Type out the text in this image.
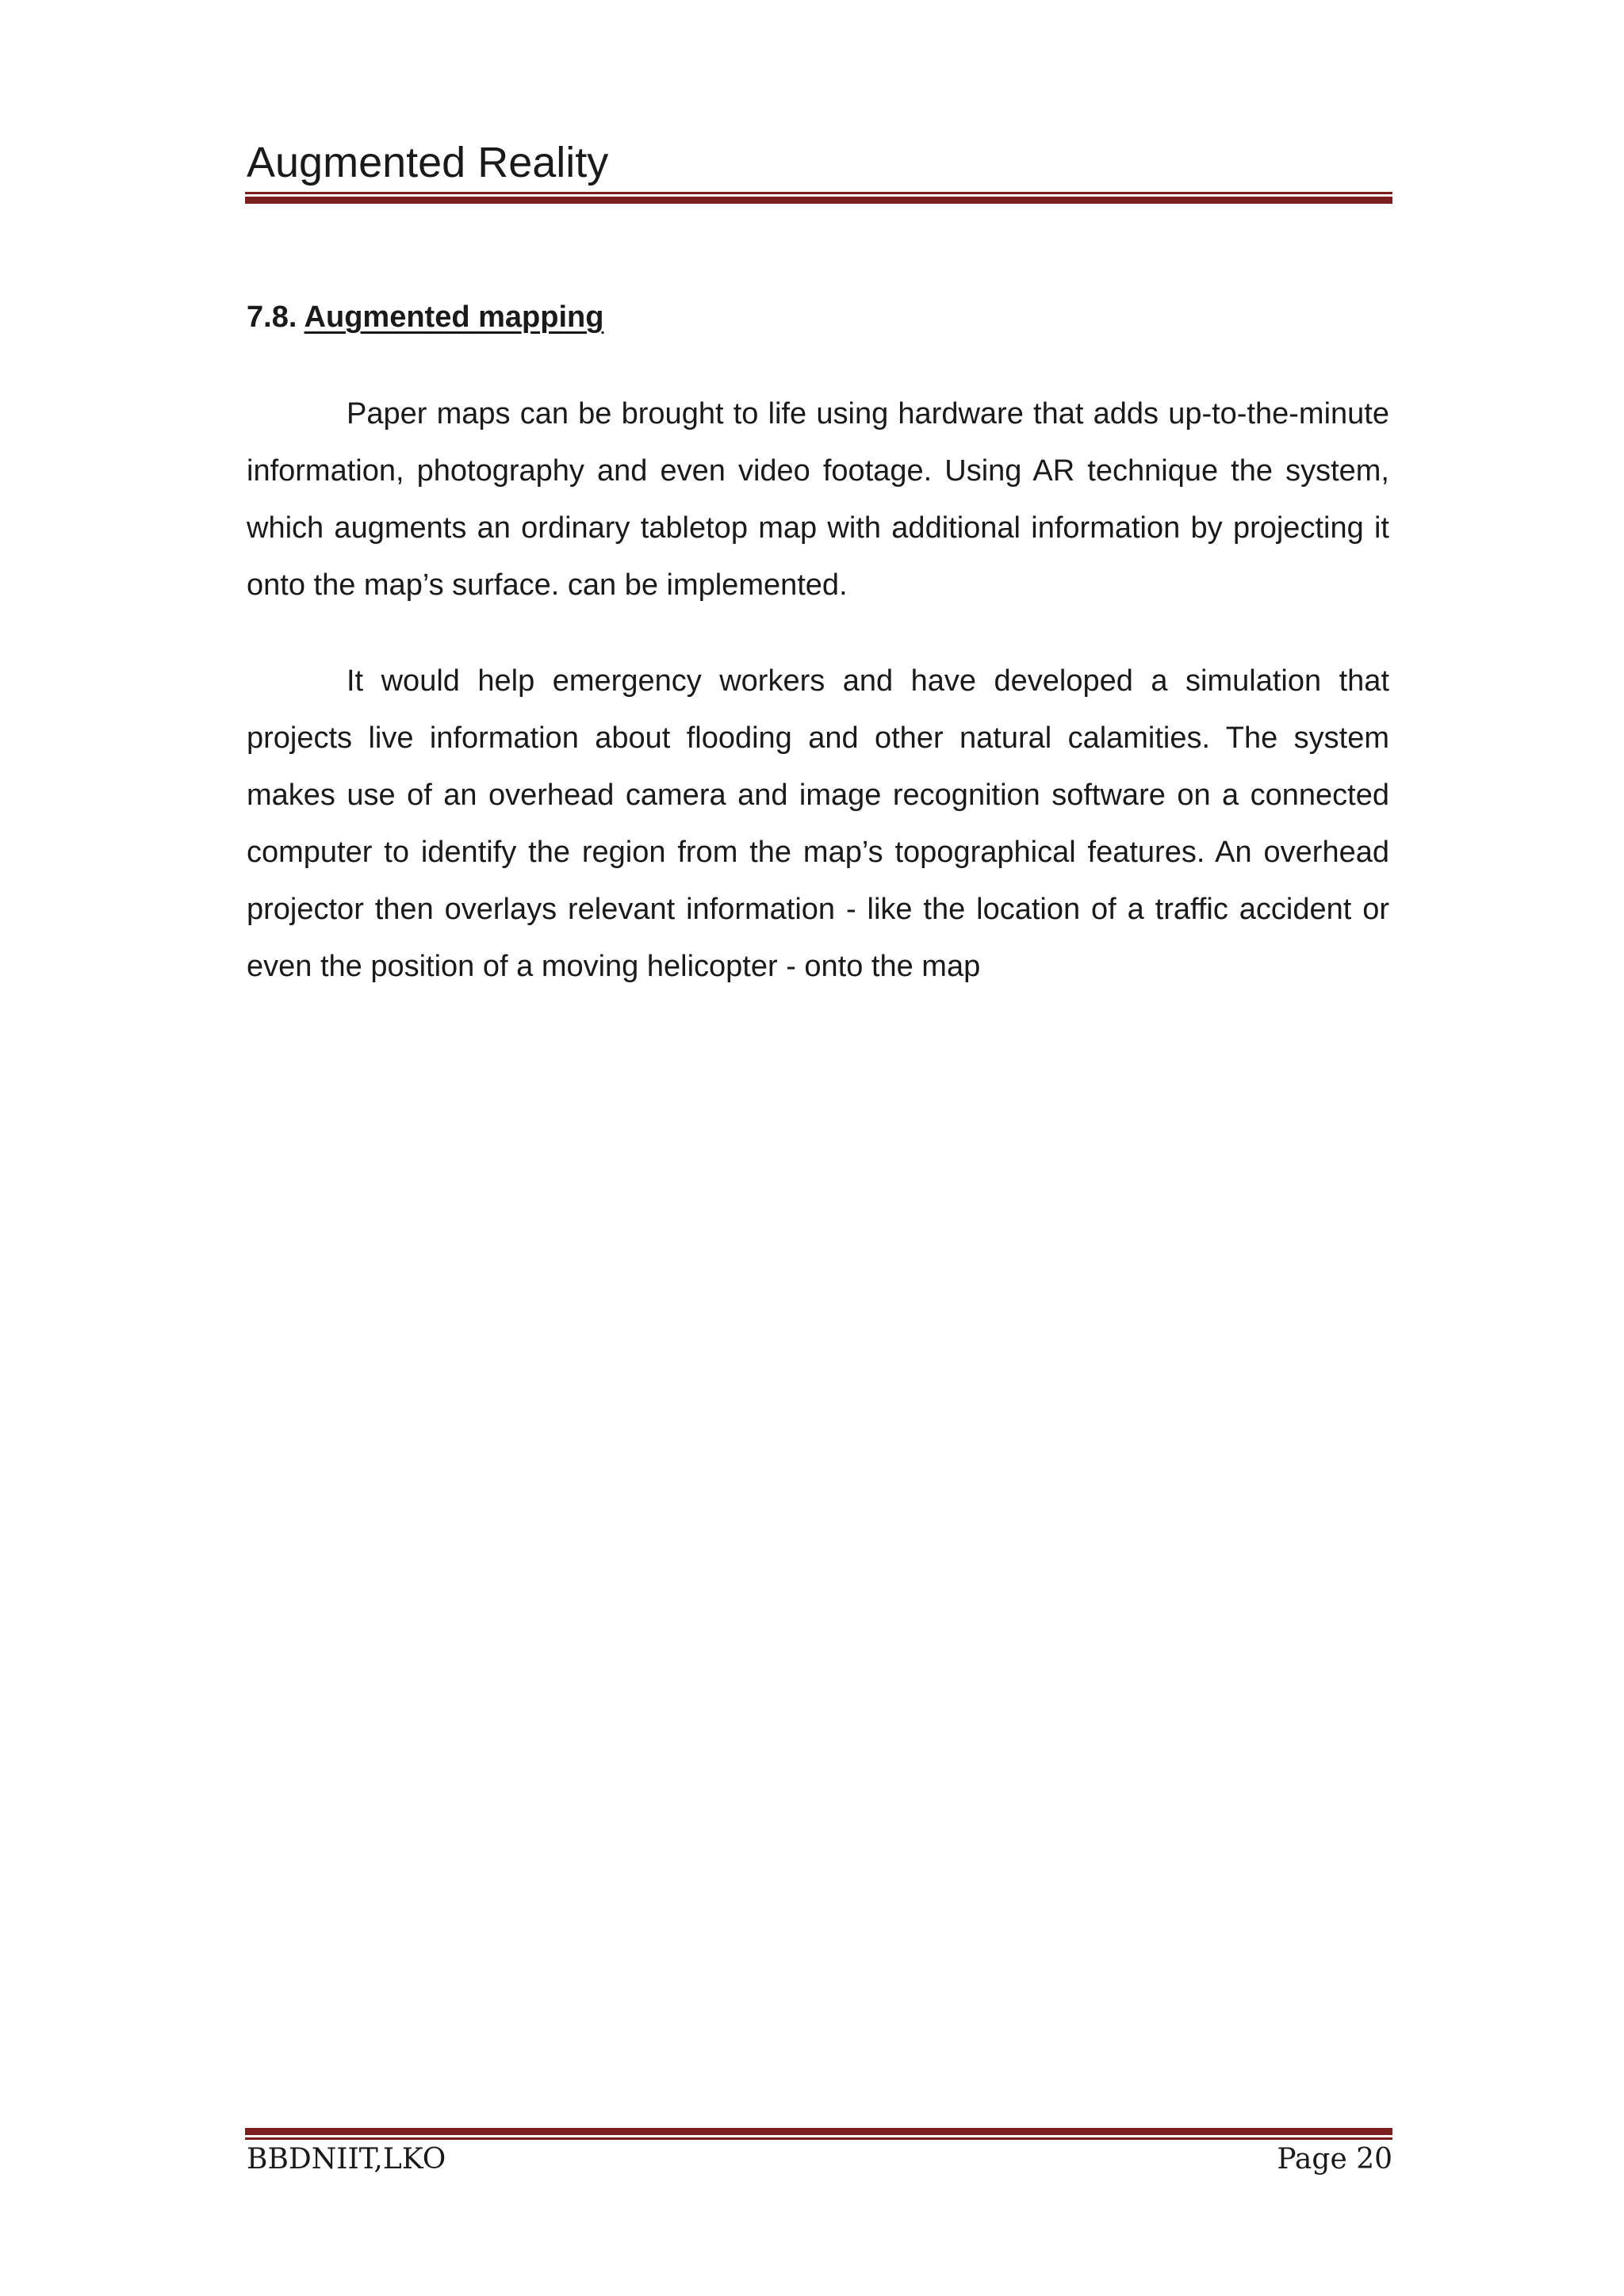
Augmented Reality
7.8. Augmented mapping

Paper maps can be brought to life using hardware that adds up-to-the-minute information, photography and even video footage. Using AR technique the system, which augments an ordinary tabletop map with additional information by projecting it onto the map’s surface. can be implemented.

It would help emergency workers and have developed a simulation that projects live information about flooding and other natural calamities. The system makes use of an overhead camera and image recognition software on a connected computer to identify the region from the map’s topographical features. An overhead projector then overlays relevant information - like the location of a traffic accident or even the position of a moving helicopter - onto the map

BBDNIIT,LKO	Page 20
